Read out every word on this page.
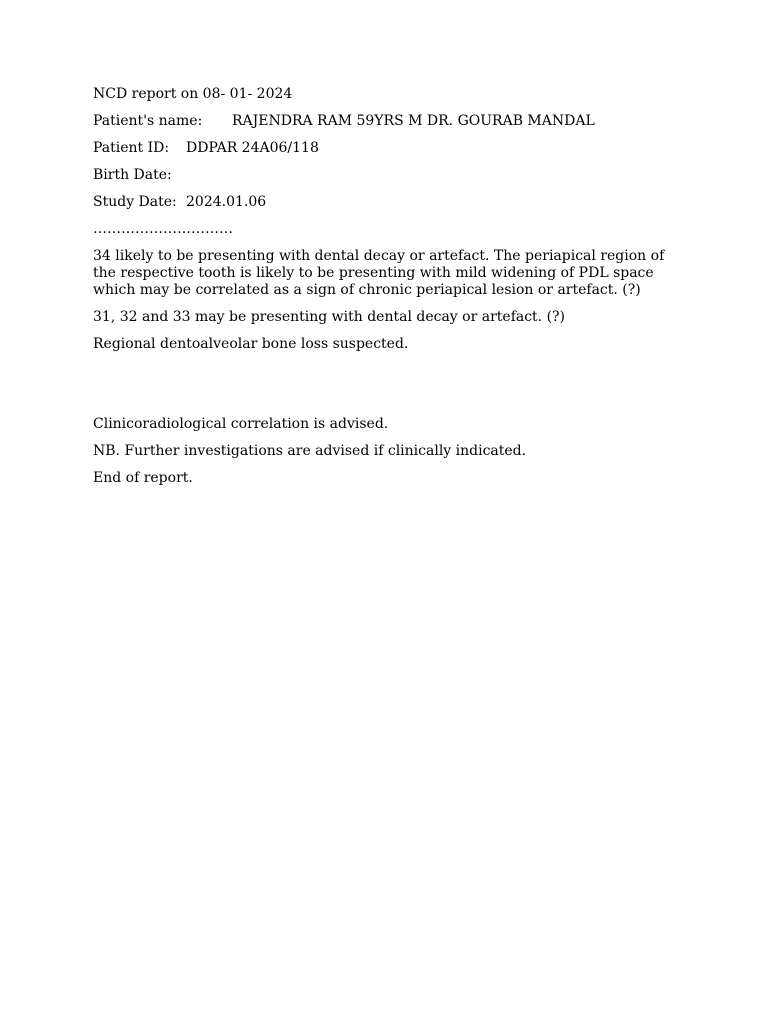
NCD report on 08- 01- 2024

Patient's name: RAJENDRA RAM 59YRS M DR. GOURAB MANDAL

Patient ID: DDPAR 24A06/118

Birth Date:

Study Date: 2024.01.06

…………………………

34 likely to be presenting with dental decay or artefact. The periapical region of the respective tooth is likely to be presenting with mild widening of PDL space which may be correlated as a sign of chronic periapical lesion or artefact. (?)

31, 32 and 33 may be presenting with dental decay or artefact. (?)

Regional dentoalveolar bone loss suspected.

Clinicoradiological correlation is advised.

NB. Further investigations are advised if clinically indicated.

End of report.
